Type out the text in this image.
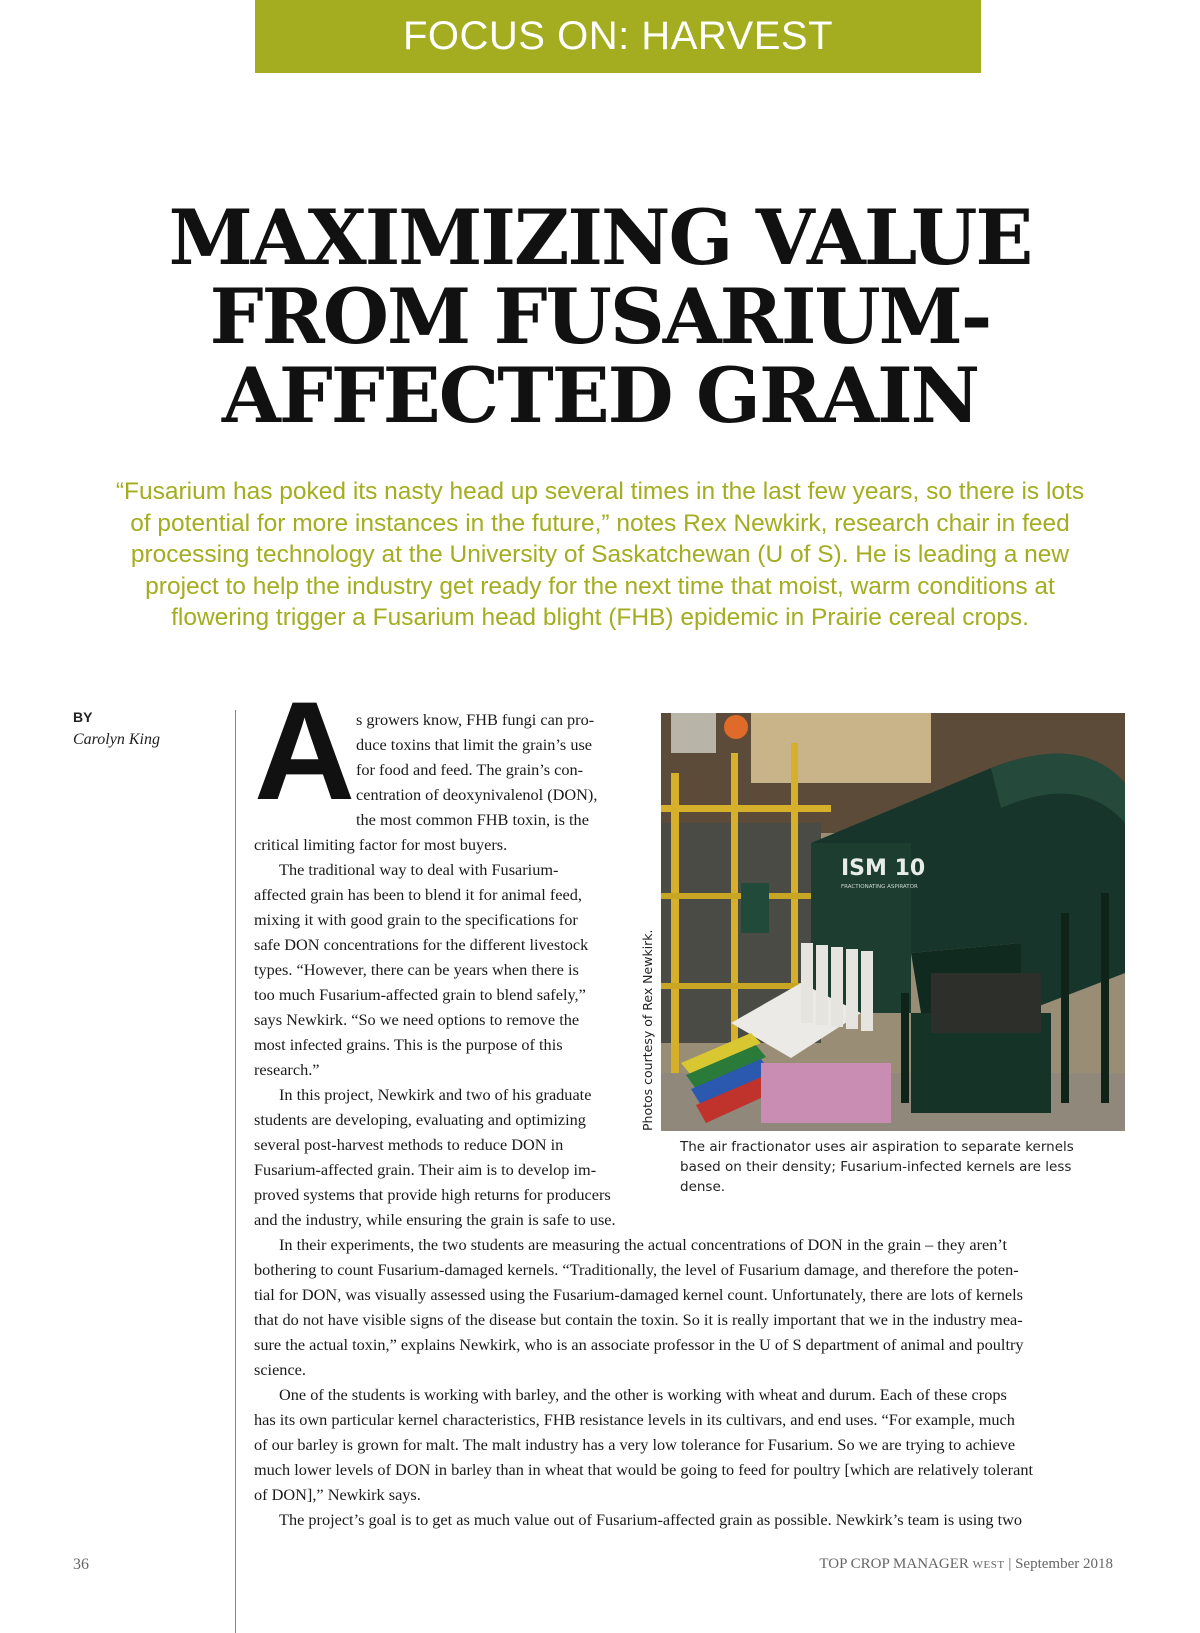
FOCUS ON: HARVEST
MAXIMIZING VALUE
FROM FUSARIUM-
AFFECTED GRAIN
“Fusarium has poked its nasty head up several times in the last few years, so there is lots
of potential for more instances in the future,” notes Rex Newkirk, research chair in feed
processing technology at the University of Saskatchewan (U of S). He is leading a new
project to help the industry get ready for the next time that moist, warm conditions at
flowering trigger a Fusarium head blight (FHB) epidemic in Prairie cereal crops.
BY
Carolyn King A s growers know, FHB fungi can pro-
duce toxins that limit the grain’s use
for food and feed. The grain’s con-
centration of deoxynivalenol (DON),
the most common FHB toxin, is the
critical limiting factor for most buyers.
The traditional way to deal with Fusarium-
affected grain has been to blend it for animal feed,
mixing it with good grain to the specifications for
safe DON concentrations for the different livestock
types. “However, there can be years when there is
too much Fusarium-affected grain to blend safely,”
says Newkirk. “So we need options to remove the
most infected grains. This is the purpose of this
research.”
In this project, Newkirk and two of his graduate
students are developing, evaluating and optimizing
several post-harvest methods to reduce DON in
Fusarium-affected grain. Their aim is to develop im-
proved systems that provide high returns for producers
and the industry, while ensuring the grain is safe to use.
In their experiments, the two students are measuring the actual concentrations of DON in the grain – they aren’t
bothering to count Fusarium-damaged kernels. “Traditionally, the level of Fusarium damage, and therefore the poten-
tial for DON, was visually assessed using the Fusarium-damaged kernel count. Unfortunately, there are lots of kernels
that do not have visible signs of the disease but contain the toxin. So it is really important that we in the industry mea-
sure the actual toxin,” explains Newkirk, who is an associate professor in the U of S department of animal and poultry
science.
One of the students is working with barley, and the other is working with wheat and durum. Each of these crops
has its own particular kernel characteristics, FHB resistance levels in its cultivars, and end uses. “For example, much
of our barley is grown for malt. The malt industry has a very low tolerance for Fusarium. So we are trying to achieve
much lower levels of DON in barley than in wheat that would be going to feed for poultry [which are relatively tolerant
of DON],” Newkirk says.
The project’s goal is to get as much value out of Fusarium-affected grain as possible. Newkirk’s team is using two
Photos courtesy of Rex Newkirk.
ISM 10
FRACTIONATING ASPIRATOR
The air fractionator uses air aspiration to separate kernels
based on their density; Fusarium-infected kernels are less
dense.
36	TOP CROP MANAGER WEST | September 2018
